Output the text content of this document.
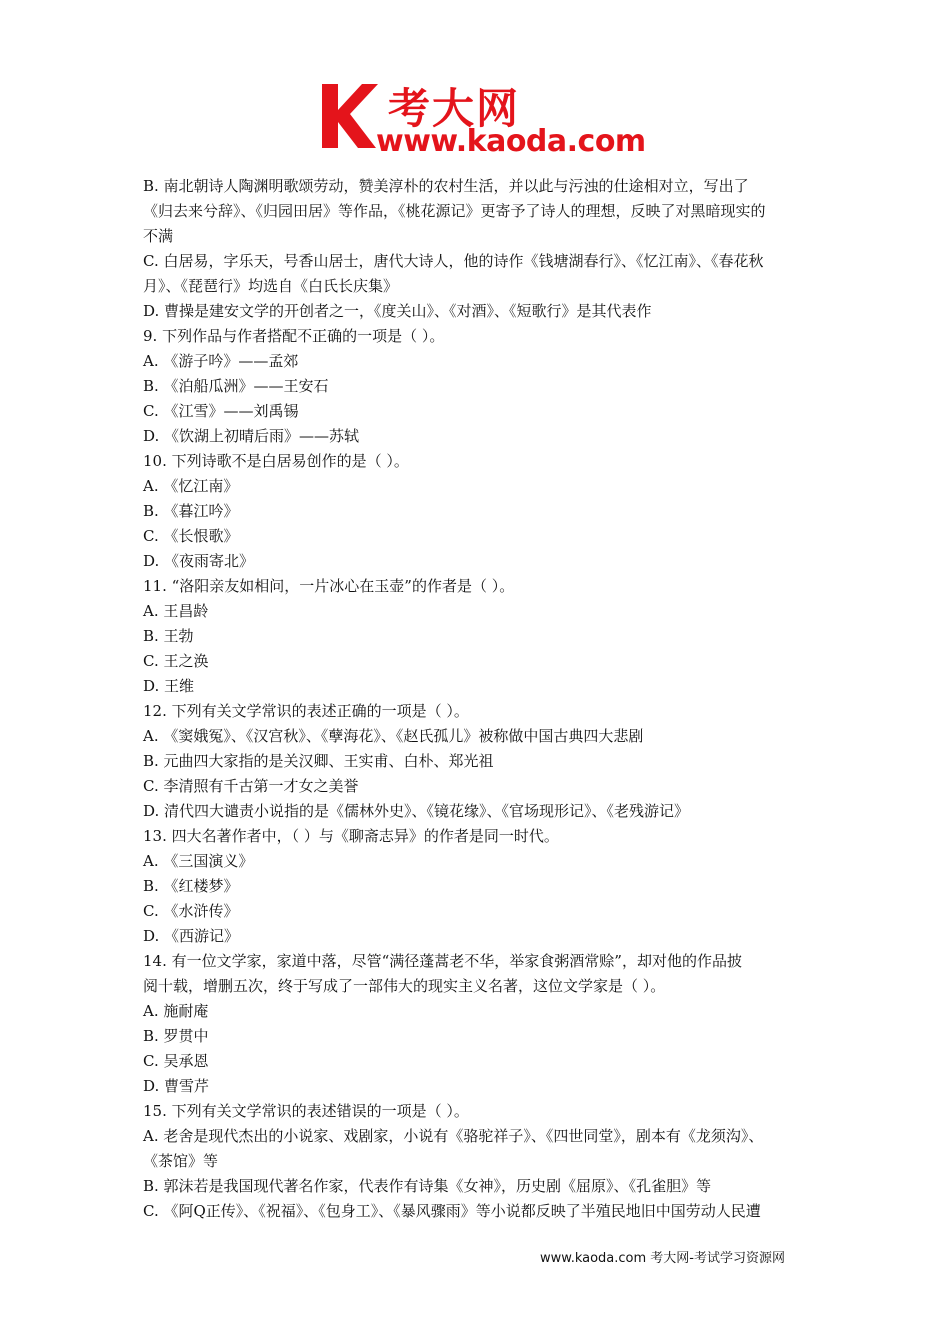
考大网
www.kaoda.com
B. 南北朝诗人陶渊明歌颂劳动，赞美淳朴的农村生活，并以此与污浊的仕途相对立，写出了
《归去来兮辞》、《归园田居》等作品，《桃花源记》更寄予了诗人的理想，反映了对黑暗现实的
不满
C. 白居易，字乐天，号香山居士，唐代大诗人，他的诗作《钱塘湖春行》、《忆江南》、《春花秋
月》、《琵琶行》均选自《白氏长庆集》
D. 曹操是建安文学的开创者之一，《度关山》、《对酒》、《短歌行》是其代表作
9. 下列作品与作者搭配不正确的一项是（ ）。
A. 《游子吟》——孟郊
B. 《泊船瓜洲》——王安石
C. 《江雪》——刘禹锡
D. 《饮湖上初晴后雨》——苏轼
10. 下列诗歌不是白居易创作的是（ ）。
A. 《忆江南》
B. 《暮江吟》
C. 《长恨歌》
D. 《夜雨寄北》
11. “洛阳亲友如相问，一片冰心在玉壶”的作者是（ ）。
A. 王昌龄
B. 王勃
C. 王之涣
D. 王维
12. 下列有关文学常识的表述正确的一项是（ ）。
A. 《窦娥冤》、《汉宫秋》、《孽海花》、《赵氏孤儿》被称做中国古典四大悲剧
B. 元曲四大家指的是关汉卿、王实甫、白朴、郑光祖
C. 李清照有千古第一才女之美誉
D. 清代四大谴责小说指的是《儒林外史》、《镜花缘》、《官场现形记》、《老残游记》
13. 四大名著作者中，（ ）与《聊斋志异》的作者是同一时代。
A. 《三国演义》
B. 《红楼梦》
C. 《水浒传》
D. 《西游记》
14. 有一位文学家，家道中落，尽管“满径蓬蒿老不华，举家食粥酒常赊”，却对他的作品披
阅十载，增删五次，终于写成了一部伟大的现实主义名著，这位文学家是（ ）。
A. 施耐庵
B. 罗贯中
C. 吴承恩
D. 曹雪芹
15. 下列有关文学常识的表述错误的一项是（ ）。
A. 老舍是现代杰出的小说家、戏剧家，小说有《骆驼祥子》、《四世同堂》，剧本有《龙须沟》、
《茶馆》等
B. 郭沫若是我国现代著名作家，代表作有诗集《女神》，历史剧《屈原》、《孔雀胆》等
C. 《阿Q正传》、《祝福》、《包身工》、《暴风骤雨》等小说都反映了半殖民地旧中国劳动人民遭
www.kaoda.com 考大网-考试学习资源网
